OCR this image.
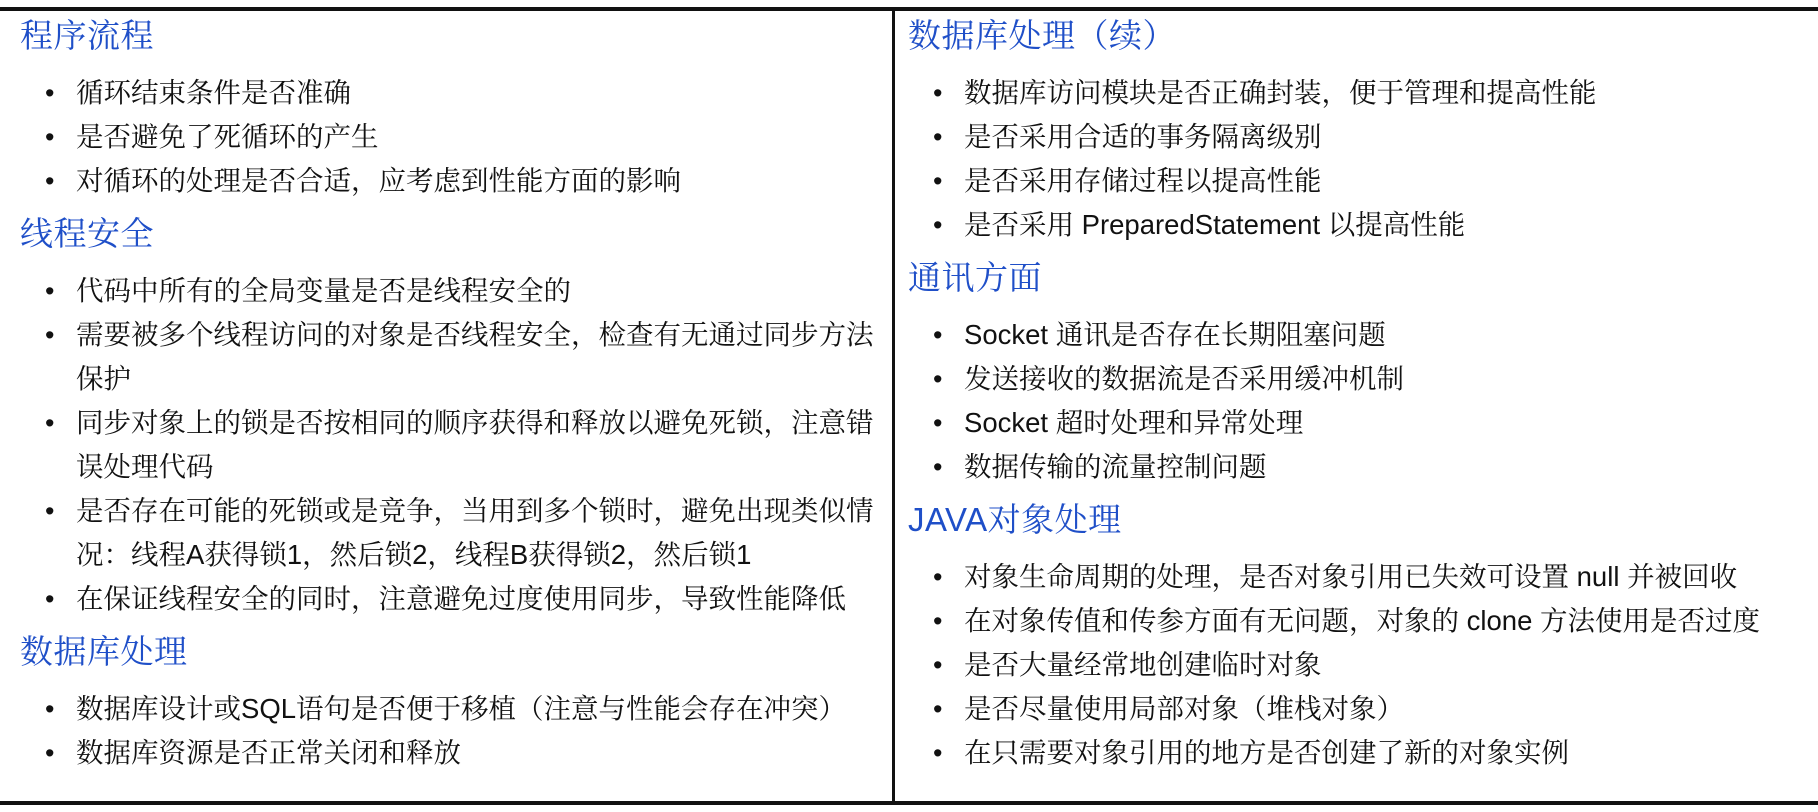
程序流程
• 循环结束条件是否准确
• 是否避免了死循环的产生
• 对循环的处理是否合适，应考虑到性能方面的影响
线程安全
• 代码中所有的全局变量是否是线程安全的
• 需要被多个线程访问的对象是否线程安全，检查有无通过同步方法保护
• 同步对象上的锁是否按相同的顺序获得和释放以避免死锁，注意错误处理代码
• 是否存在可能的死锁或是竞争，当用到多个锁时，避免出现类似情况：线程A获得锁1，然后锁2，线程B获得锁2，然后锁1
• 在保证线程安全的同时，注意避免过度使用同步，导致性能降低
数据库处理
• 数据库设计或SQL语句是否便于移植（注意与性能会存在冲突）
• 数据库资源是否正常关闭和释放
数据库处理（续）
• 数据库访问模块是否正确封装，便于管理和提高性能
• 是否采用合适的事务隔离级别
• 是否采用存储过程以提高性能
• 是否采用 PreparedStatement 以提高性能
通讯方面
• Socket 通讯是否存在长期阻塞问题
• 发送接收的数据流是否采用缓冲机制
• Socket 超时处理和异常处理
• 数据传输的流量控制问题
JAVA对象处理
• 对象生命周期的处理，是否对象引用已失效可设置 null 并被回收
• 在对象传值和传参方面有无问题，对象的 clone 方法使用是否过度
• 是否大量经常地创建临时对象
• 是否尽量使用局部对象（堆栈对象）
• 在只需要对象引用的地方是否创建了新的对象实例
